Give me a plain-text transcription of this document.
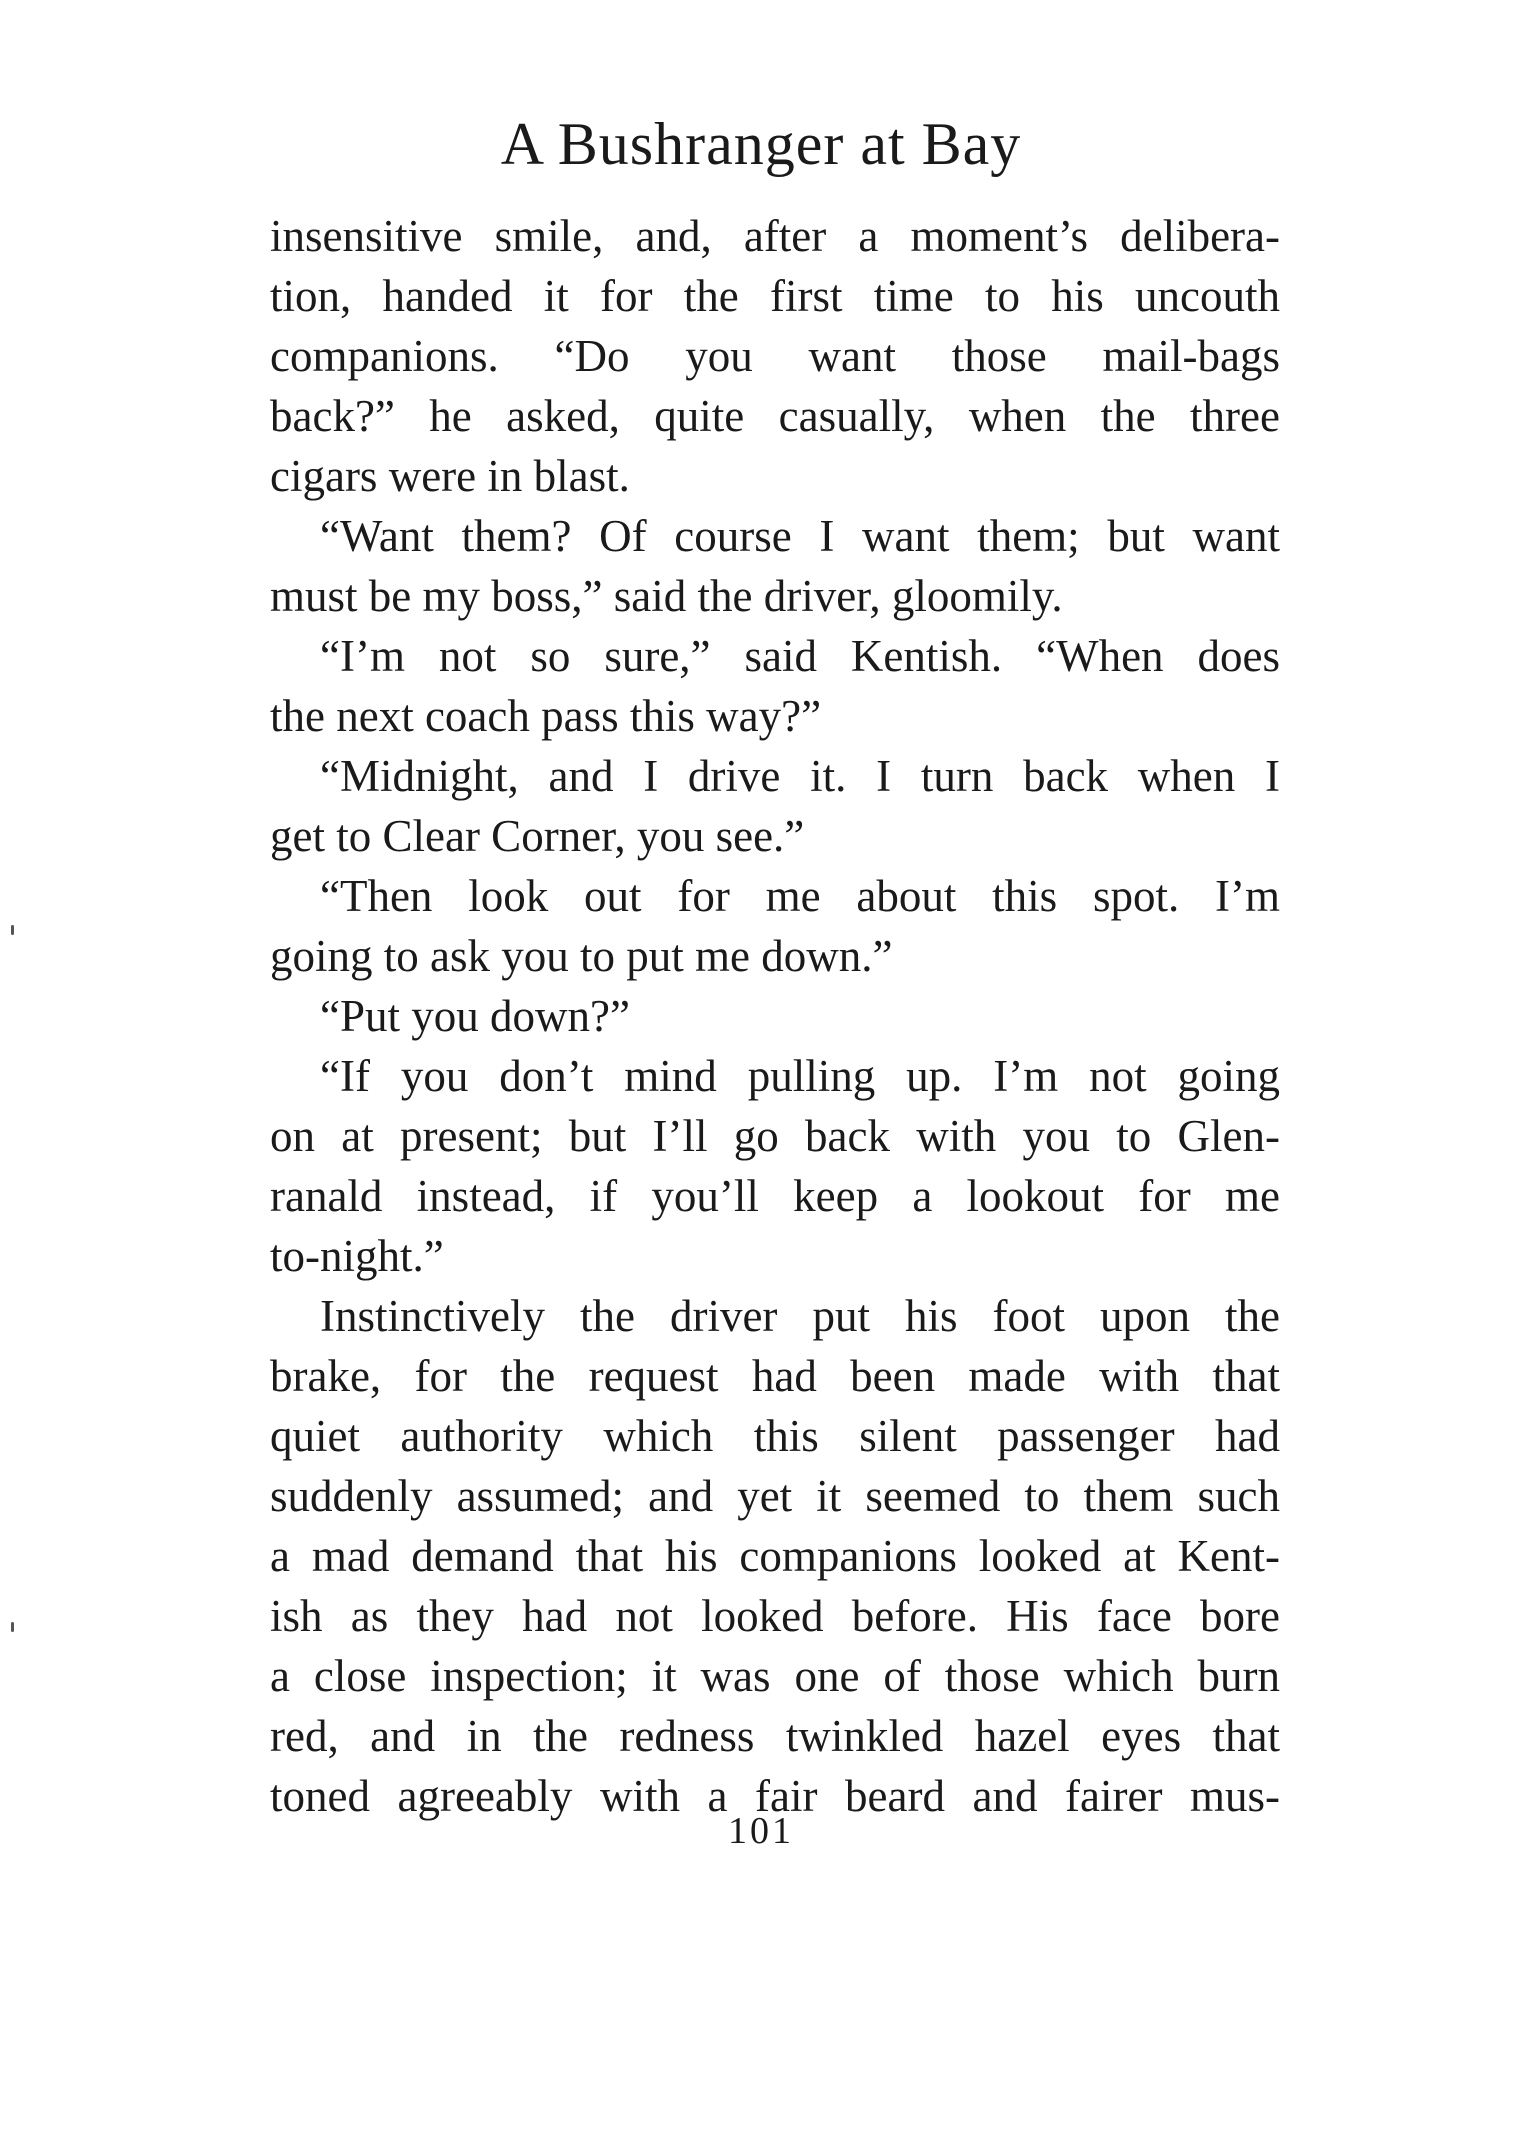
A Bushranger at Bay
insensitive smile, and, after a moment’s delibera-
tion, handed it for the first time to his uncouth
companions. “Do you want those mail-bags
back?” he asked, quite casually, when the three
cigars were in blast.
“Want them? Of course I want them; but want
must be my boss,” said the driver, gloomily.
“I’m not so sure,” said Kentish. “When does
the next coach pass this way?”
“Midnight, and I drive it. I turn back when I
get to Clear Corner, you see.”
“Then look out for me about this spot. I’m
going to ask you to put me down.”
“Put you down?”
“If you don’t mind pulling up. I’m not going
on at present; but I’ll go back with you to Glen-
ranald instead, if you’ll keep a lookout for me
to-night.”
Instinctively the driver put his foot upon the
brake, for the request had been made with that
quiet authority which this silent passenger had
suddenly assumed; and yet it seemed to them such
a mad demand that his companions looked at Kent-
ish as they had not looked before. His face bore
a close inspection; it was one of those which burn
red, and in the redness twinkled hazel eyes that
toned agreeably with a fair beard and fairer mus-
101
